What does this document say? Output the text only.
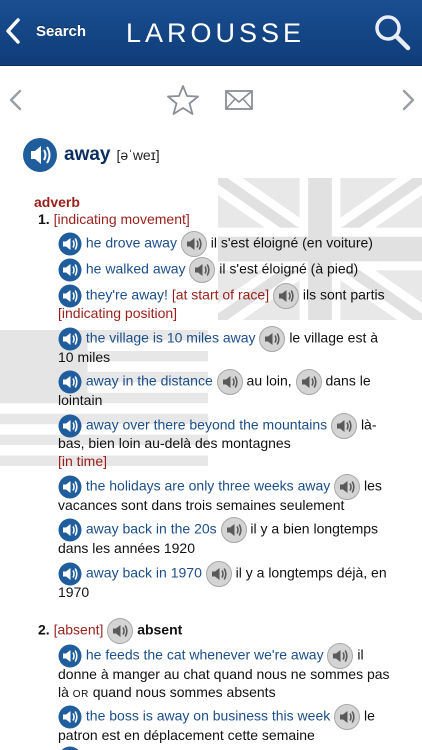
Search LAROUSSE
away [əˈweɪ]
adverb
1. [indicating movement]
he drove away il s'est éloigné (en voiture)
he walked away il s'est éloigné (à pied)
they're away! [at start of race] ils sont partis
[indicating position]
the village is 10 miles away le village est à
10 miles
away in the distance au loin, dans le
lointain
away over there beyond the mountains là-
bas, bien loin au-delà des montagnes
[in time]
the holidays are only three weeks away les
vacances sont dans trois semaines seulement
away back in the 20s il y a bien longtemps
dans les années 1920
away back in 1970 il y a longtemps déjà, en
1970
2. [absent] absent
he feeds the cat whenever we're away il
donne à manger au chat quand nous ne sommes pas
là OR quand nous sommes absents
the boss is away on business this week le
patron est en déplacement cette semaine
